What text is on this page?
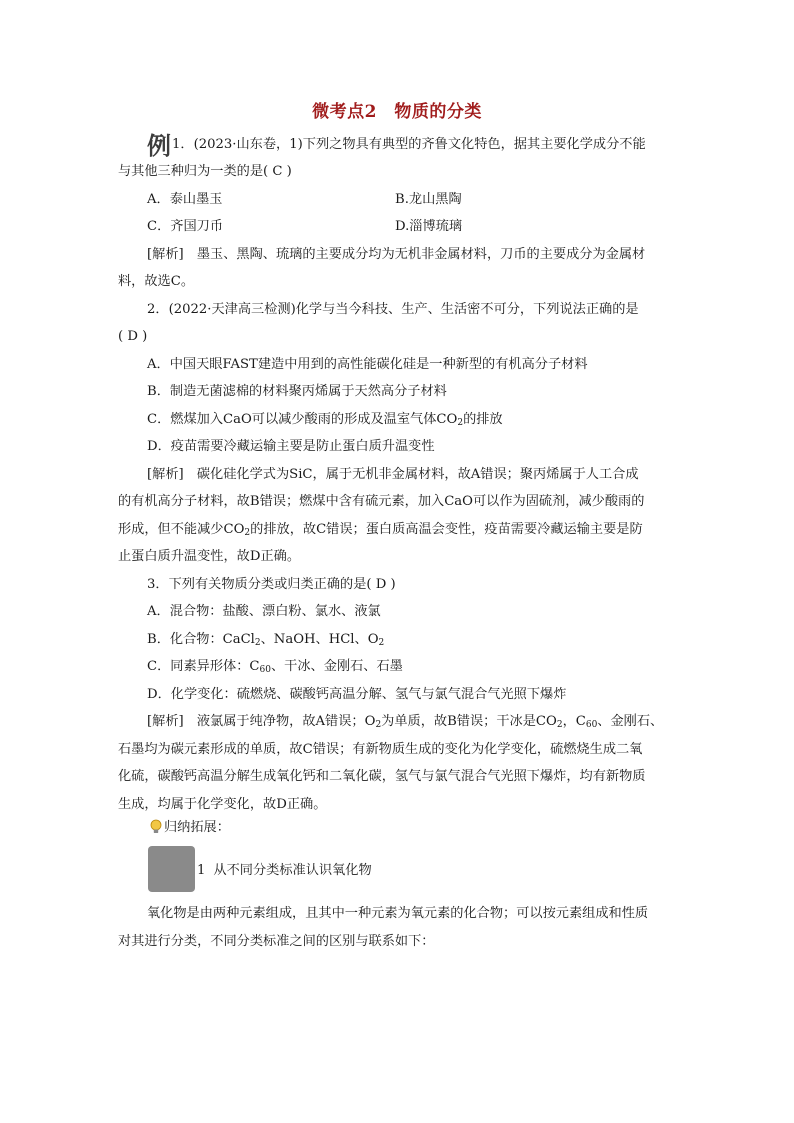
微考点2　物质的分类
例 1．(2023·山东卷，1)下列之物具有典型的齐鲁文化特色，据其主要化学成分不能
与其他三种归为一类的是( C )
A．泰山墨玉	B.龙山黑陶
C．齐国刀币	D.淄博琉璃
[解析]　墨玉、黑陶、琉璃的主要成分均为无机非金属材料，刀币的主要成分为金属材
料，故选C。
2．(2022·天津高三检测)化学与当今科技、生产、生活密不可分，下列说法正确的是
( D )
A．中国天眼FAST建造中用到的高性能碳化硅是一种新型的有机高分子材料
B．制造无菌滤棉的材料聚丙烯属于天然高分子材料
C．燃煤加入CaO可以减少酸雨的形成及温室气体$CO_2$的排放
D．疫苗需要冷藏运输主要是防止蛋白质升温变性
[解析]　碳化硅化学式为SiC，属于无机非金属材料，故A错误；聚丙烯属于人工合成
的有机高分子材料，故B错误；燃煤中含有硫元素，加入CaO可以作为固硫剂，减少酸雨的
形成，但不能减少$CO_2$的排放，故C错误；蛋白质高温会变性，疫苗需要冷藏运输主要是防
止蛋白质升温变性，故D正确。
3．下列有关物质分类或归类正确的是( D )
A．混合物：盐酸、漂白粉、氯水、液氯
B．化合物：CaCl$_2$、NaOH、HCl、$O_2$
C．同素异形体：$C_{60}$、干冰、金刚石、石墨
D．化学变化：硫燃烧、碳酸钙高温分解、氢气与氯气混合气光照下爆炸
[解析]　液氯属于纯净物，故A错误；$O_2$为单质，故B错误；干冰是$CO_2$，$C_{60}$、金刚石、
石墨均为碳元素形成的单质，故C错误；有新物质生成的变化为化学变化，硫燃烧生成二氧
化硫，碳酸钙高温分解生成氧化钙和二氧化碳，氢气与氯气混合气光照下爆炸，均有新物质
生成，均属于化学变化，故D正确。
归纳拓展：
1 从不同分类标准认识氧化物
氧化物是由两种元素组成，且其中一种元素为氧元素的化合物；可以按元素组成和性质
对其进行分类，不同分类标准之间的区别与联系如下：
